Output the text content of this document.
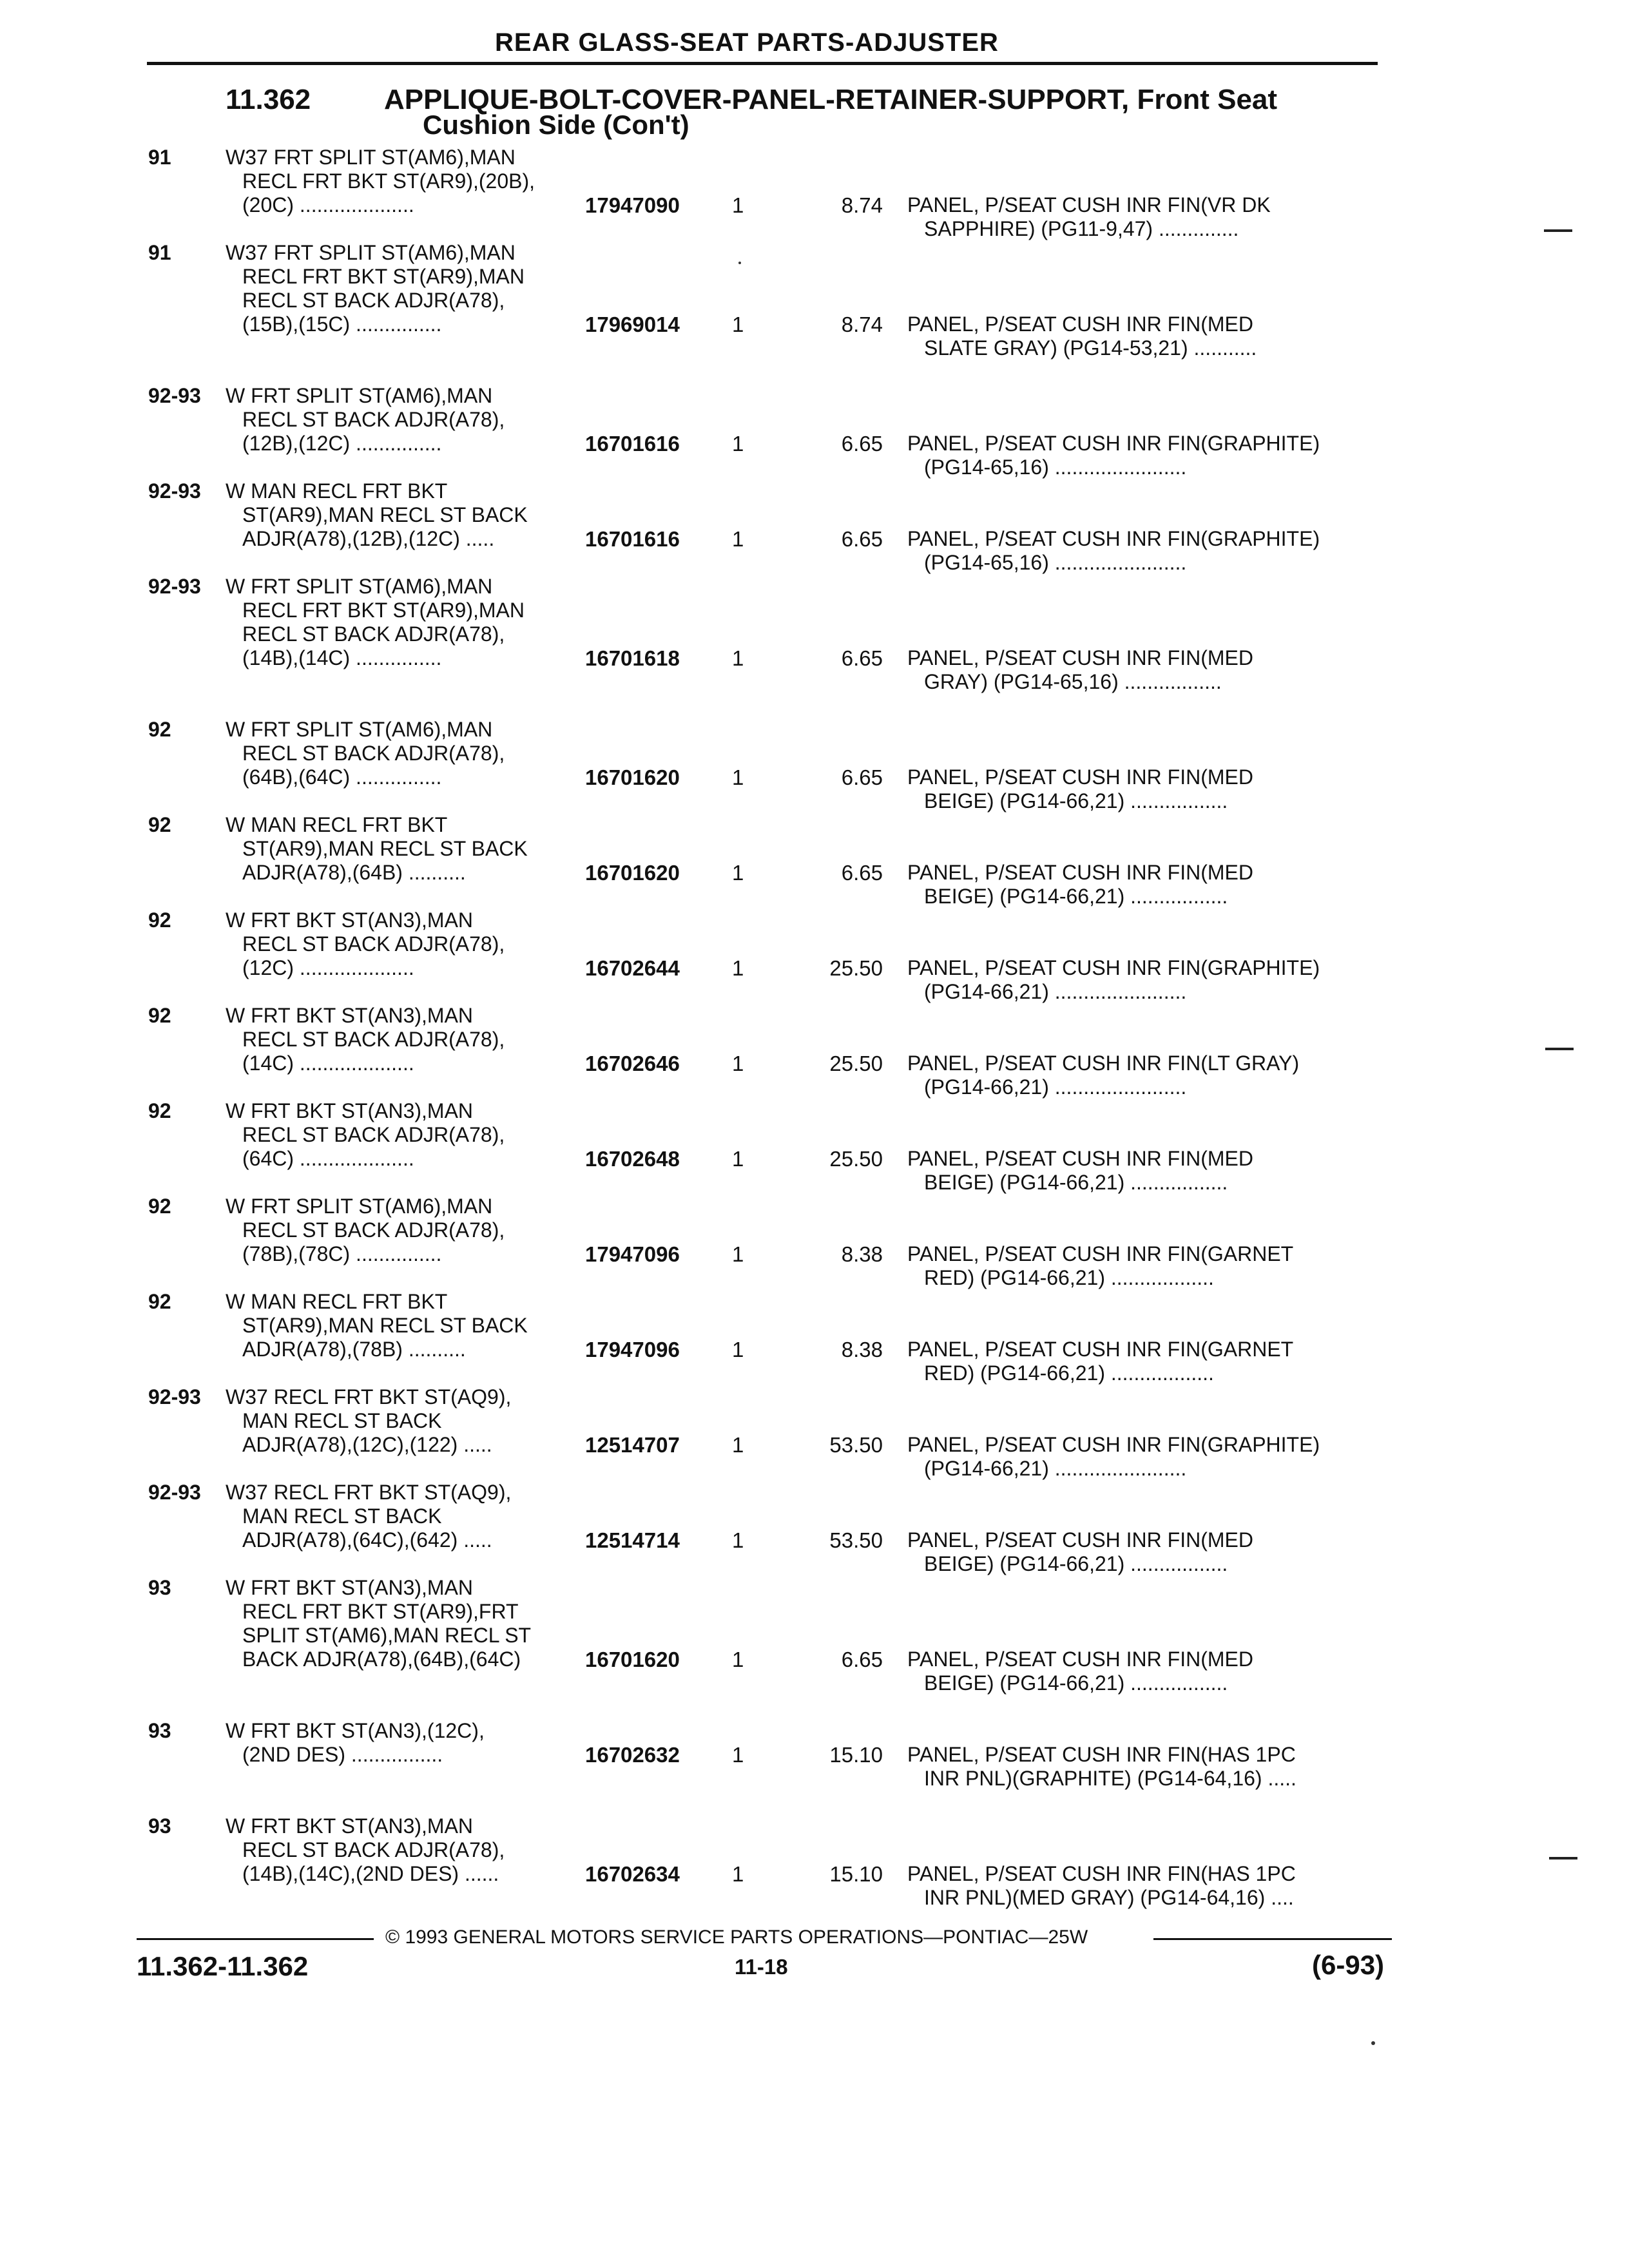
REAR GLASS-SEAT PARTS-ADJUSTER
11.362	APPLIQUE-BOLT-COVER-PANEL-RETAINER-SUPPORT, Front Seat
Cushion Side (Con't)
91	W37 FRT SPLIT ST(AM6),MAN
RECL FRT BKT ST(AR9),(20B),
(20C) ....................	17947090 1	8.74 PANEL, P/SEAT CUSH INR FIN(VR DK
SAPPHIRE) (PG11-9,47) ..............
91	W37 FRT SPLIT ST(AM6),MAN
RECL FRT BKT ST(AR9),MAN
RECL ST BACK ADJR(A78),
(15B),(15C) ...............	17969014 1	8.74 PANEL, P/SEAT CUSH INR FIN(MED
SLATE GRAY) (PG14-53,21) ...........
92-93 W FRT SPLIT ST(AM6),MAN
RECL ST BACK ADJR(A78),
(12B),(12C) ...............	16701616 1	6.65 PANEL, P/SEAT CUSH INR FIN(GRAPHITE)
(PG14-65,16) .......................
92-93 W MAN RECL FRT BKT
ST(AR9),MAN RECL ST BACK
ADJR(A78),(12B),(12C) .....	16701616 1	6.65 PANEL, P/SEAT CUSH INR FIN(GRAPHITE)
(PG14-65,16) .......................
92-93 W FRT SPLIT ST(AM6),MAN
RECL FRT BKT ST(AR9),MAN
RECL ST BACK ADJR(A78),
(14B),(14C) ...............	16701618 1	6.65 PANEL, P/SEAT CUSH INR FIN(MED
GRAY) (PG14-65,16) .................
92	W FRT SPLIT ST(AM6),MAN
RECL ST BACK ADJR(A78),
(64B),(64C) ...............	16701620 1	6.65 PANEL, P/SEAT CUSH INR FIN(MED
BEIGE) (PG14-66,21) .................
92	W MAN RECL FRT BKT
ST(AR9),MAN RECL ST BACK
ADJR(A78),(64B) ..........	16701620 1	6.65 PANEL, P/SEAT CUSH INR FIN(MED
BEIGE) (PG14-66,21) .................
92	W FRT BKT ST(AN3),MAN
RECL ST BACK ADJR(A78),
(12C) ....................	16702644 1	25.50 PANEL, P/SEAT CUSH INR FIN(GRAPHITE)
(PG14-66,21) .......................
92	W FRT BKT ST(AN3),MAN
RECL ST BACK ADJR(A78),
(14C) ....................	16702646 1	25.50 PANEL, P/SEAT CUSH INR FIN(LT GRAY)
(PG14-66,21) .......................
92	W FRT BKT ST(AN3),MAN
RECL ST BACK ADJR(A78),
(64C) ....................	16702648 1	25.50 PANEL, P/SEAT CUSH INR FIN(MED
BEIGE) (PG14-66,21) .................
92	W FRT SPLIT ST(AM6),MAN
RECL ST BACK ADJR(A78),
(78B),(78C) ...............	17947096 1	8.38 PANEL, P/SEAT CUSH INR FIN(GARNET
RED) (PG14-66,21) ..................
92	W MAN RECL FRT BKT
ST(AR9),MAN RECL ST BACK
ADJR(A78),(78B) ..........	17947096 1	8.38 PANEL, P/SEAT CUSH INR FIN(GARNET
RED) (PG14-66,21) ..................
92-93 W37 RECL FRT BKT ST(AQ9),
MAN RECL ST BACK
ADJR(A78),(12C),(122) .....	12514707 1	53.50 PANEL, P/SEAT CUSH INR FIN(GRAPHITE)
(PG14-66,21) .......................
92-93 W37 RECL FRT BKT ST(AQ9),
MAN RECL ST BACK
ADJR(A78),(64C),(642) .....	12514714 1	53.50 PANEL, P/SEAT CUSH INR FIN(MED
BEIGE) (PG14-66,21) .................
93	W FRT BKT ST(AN3),MAN
RECL FRT BKT ST(AR9),FRT
SPLIT ST(AM6),MAN RECL ST
BACK ADJR(A78),(64B),(64C)	16701620 1	6.65 PANEL, P/SEAT CUSH INR FIN(MED
BEIGE) (PG14-66,21) .................
93	W FRT BKT ST(AN3),(12C),
(2ND DES) ................	16702632 1	15.10 PANEL, P/SEAT CUSH INR FIN(HAS 1PC
INR PNL)(GRAPHITE) (PG14-64,16) .....
93	W FRT BKT ST(AN3),MAN
RECL ST BACK ADJR(A78),
(14B),(14C),(2ND DES) ......	16702634 1	15.10 PANEL, P/SEAT CUSH INR FIN(HAS 1PC
INR PNL)(MED GRAY) (PG14-64,16) ....
© 1993 GENERAL MOTORS SERVICE PARTS OPERATIONS—PONTIAC—25W
11.362-11.362	11-18	(6-93)
